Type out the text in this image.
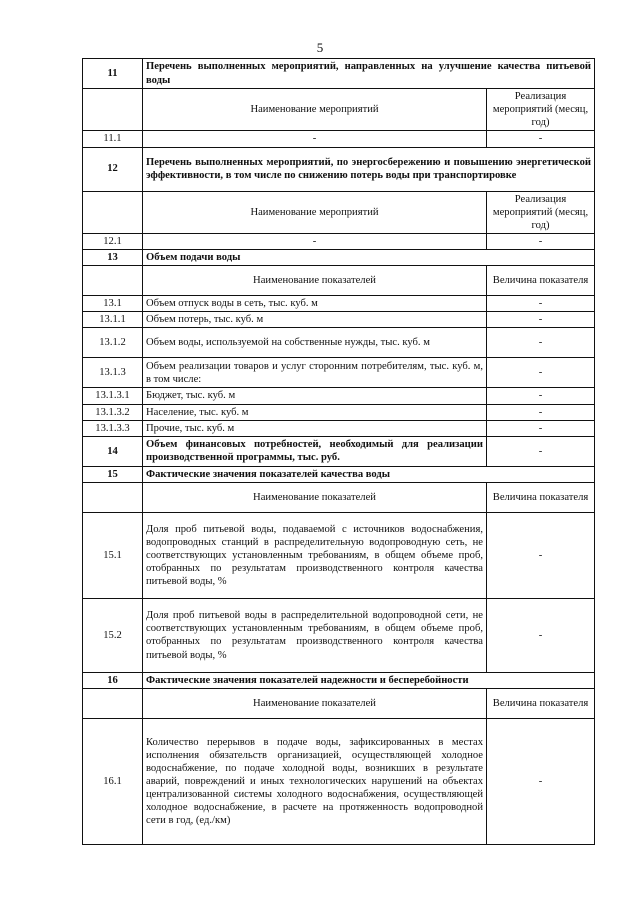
5
11	Перечень выполненных мероприятий, направленных на улучшение качества питьевой воды	
	Наименование мероприятий	Реализация мероприятий (месяц, год)
11.1	-	-
12	Перечень выполненных мероприятий, по энергосбережению и повышению энергетической эффективности, в том числе по снижению потерь воды при транспортировке	
	Наименование мероприятий	Реализация мероприятий (месяц, год)
12.1	-	-
13	Объем подачи воды	
	Наименование показателей	Величина показателя
13.1	Объем отпуск воды в сеть, тыс. куб. м	-
13.1.1	Объем потерь, тыс. куб. м	-
13.1.2	Объем воды, используемой на собственные нужды, тыс. куб. м	-
13.1.3	Объем реализации товаров и услуг сторонним потребителям, тыс. куб. м, в том числе:	-
13.1.3.1	Бюджет, тыс. куб. м	-
13.1.3.2	Население, тыс. куб. м	-
13.1.3.3	Прочие, тыс. куб. м	-
14	Объем финансовых потребностей, необходимый для реализации производственной программы, тыс. руб.	-
15	Фактические значения показателей качества воды	
	Наименование показателей	Величина показателя
15.1	Доля проб питьевой воды, подаваемой с источников водоснабжения, водопроводных станций в распределительную водопроводную сеть, не соответствующих установленным требованиям, в общем объеме проб, отобранных по результатам производственного контроля качества питьевой воды, %	-
15.2	Доля проб питьевой воды в распределительной водопроводной сети, не соответствующих установленным требованиям, в общем объеме проб, отобранных по результатам производственного контроля качества питьевой воды, %	-
16	Фактические значения показателей надежности и бесперебойности	
	Наименование показателей	Величина показателя
16.1	Количество перерывов в подаче воды, зафиксированных в местах исполнения обязательств организацией, осуществляющей холодное водоснабжение, по подаче холодной воды, возникших в результате аварий, повреждений и иных технологических нарушений на объектах централизованной системы холодного водоснабжения, осуществляющей холодное водоснабжение, в расчете на протяженность водопроводной сети в год, (ед./км)	-
